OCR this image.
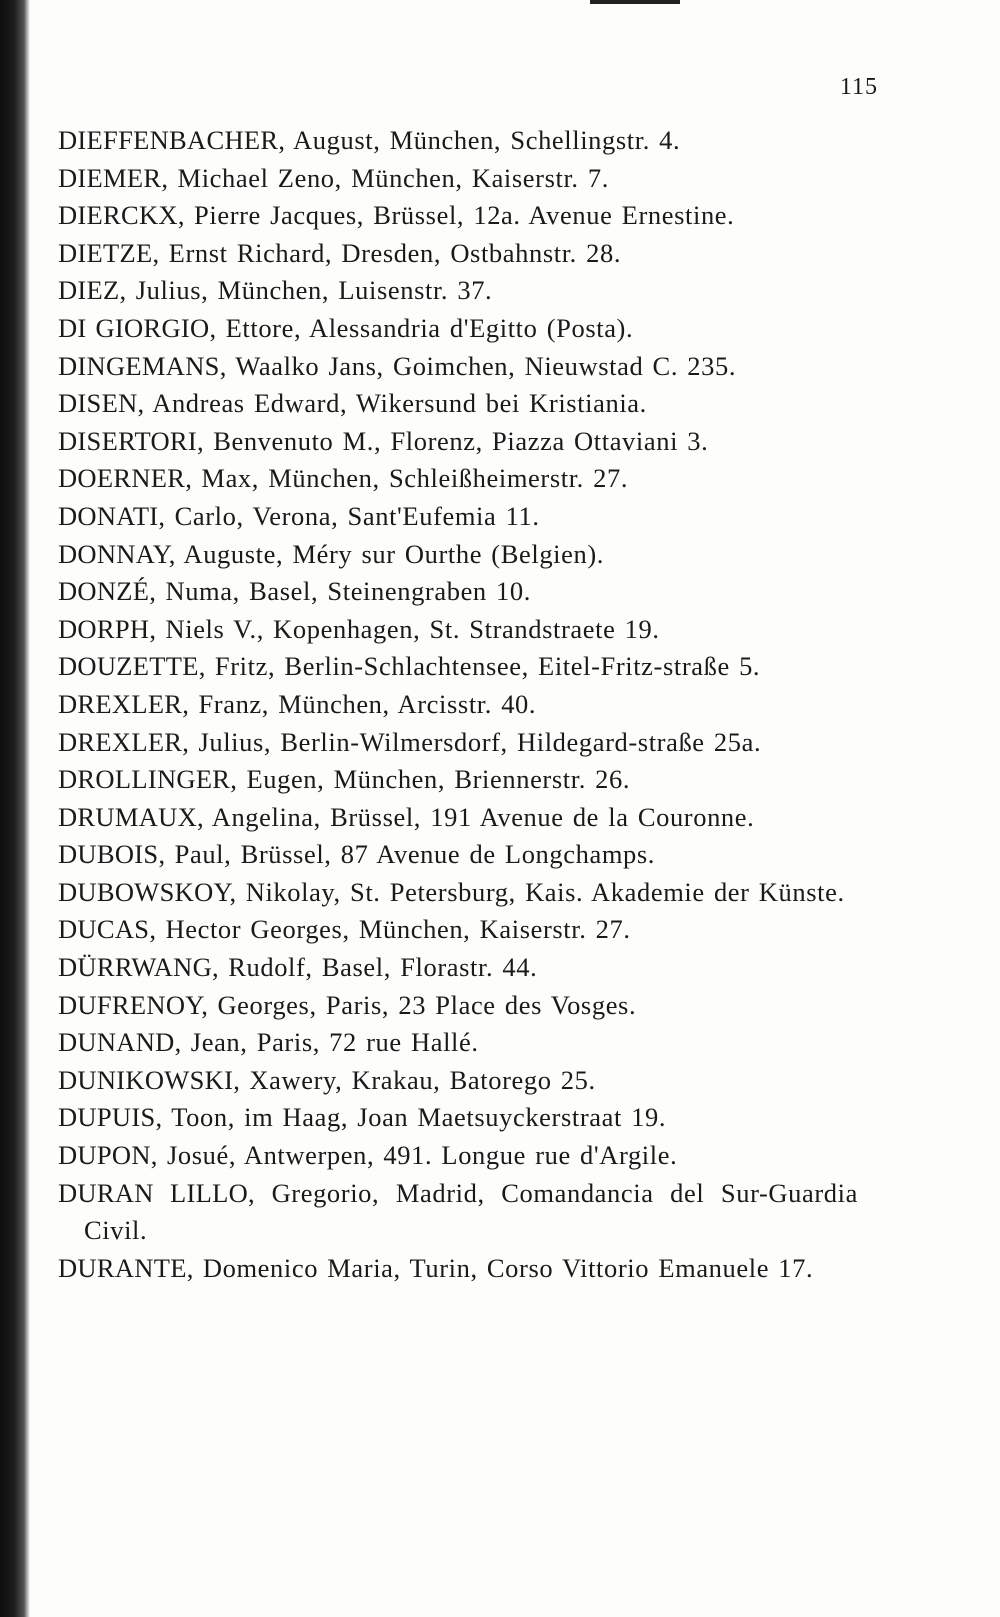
115
DIEFFENBACHER, August, München, Schellingstr. 4.
DIEMER, Michael Zeno, München, Kaiserstr. 7.
DIERCKX, Pierre Jacques, Brüssel, 12a. Avenue Ernestine.
DIETZE, Ernst Richard, Dresden, Ostbahnstr. 28.
DIEZ, Julius, München, Luisenstr. 37.
DI GIORGIO, Ettore, Alessandria d'Egitto (Posta).
DINGEMANS, Waalko Jans, Goimchen, Nieuwstad C. 235.
DISEN, Andreas Edward, Wikersund bei Kristiania.
DISERTORI, Benvenuto M., Florenz, Piazza Ottaviani 3.
DOERNER, Max, München, Schleißheimerstr. 27.
DONATI, Carlo, Verona, Sant'Eufemia 11.
DONNAY, Auguste, Méry sur Ourthe (Belgien).
DONZÉ, Numa, Basel, Steinengraben 10.
DORPH, Niels V., Kopenhagen, St. Strandstraete 19.
DOUZETTE, Fritz, Berlin-Schlachtensee, Eitel-Fritz-straße 5.
DREXLER, Franz, München, Arcisstr. 40.
DREXLER, Julius, Berlin-Wilmersdorf, Hildegard-straße 25a.
DROLLINGER, Eugen, München, Briennerstr. 26.
DRUMAUX, Angelina, Brüssel, 191 Avenue de la Couronne.
DUBOIS, Paul, Brüssel, 87 Avenue de Longchamps.
DUBOWSKOY, Nikolay, St. Petersburg, Kais. Akademie der Künste.
DUCAS, Hector Georges, München, Kaiserstr. 27.
DÜRRWANG, Rudolf, Basel, Florastr. 44.
DUFRENOY, Georges, Paris, 23 Place des Vosges.
DUNAND, Jean, Paris, 72 rue Hallé.
DUNIKOWSKI, Xawery, Krakau, Batorego 25.
DUPUIS, Toon, im Haag, Joan Maetsuyckerstraat 19.
DUPON, Josué, Antwerpen, 491. Longue rue d'Argile.
DURAN LILLO, Gregorio, Madrid, Comandancia del Sur-Guardia Civil.
DURANTE, Domenico Maria, Turin, Corso Vittorio Emanuele 17.
